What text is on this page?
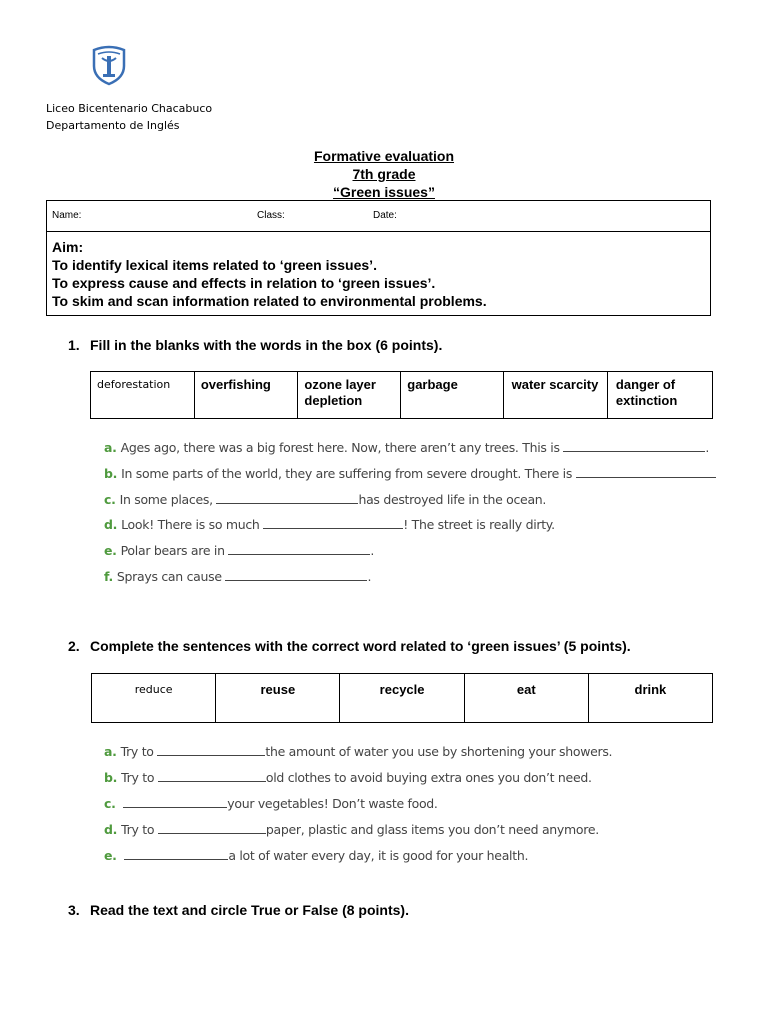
Liceo Bicentenario Chacabuco
Departamento de Inglés
Formative evaluation
7th grade
“Green issues”
Name:	Class:	Date:
Aim:
To identify lexical items related to ‘green issues’.
To express cause and effects in relation to ‘green issues’.
To skim and scan information related to environmental problems.
1. Fill in the blanks with the words in the box (6 points).
deforestation	overfishing	ozone layer depletion	garbage	water scarcity	danger of extinction
a. Ages ago, there was a big forest here. Now, there aren’t any trees. This is	.
b. In some parts of the world, they are suffering from severe drought. There is
c. In some places,	has destroyed life in the ocean.
d. Look! There is so much	! The street is really dirty.
e. Polar bears are in	.
f. Sprays can cause	.
2. Complete the sentences with the correct word related to ‘green issues’ (5 points).
reduce	reuse	recycle	eat	drink
a. Try to	the amount of water you use by shortening your showers.
b. Try to	old clothes to avoid buying extra ones you don’t need.
c.	your vegetables! Don’t waste food.
d. Try to	paper, plastic and glass items you don’t need anymore.
e.	a lot of water every day, it is good for your health.
3. Read the text and circle True or False (8 points).
